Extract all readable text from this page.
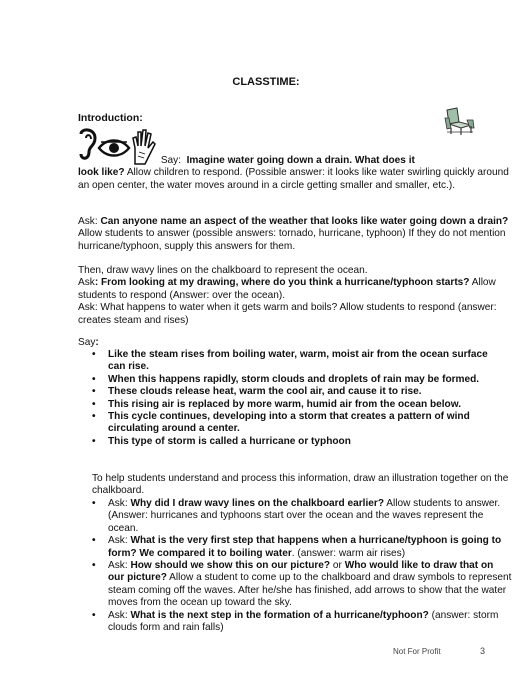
CLASSTIME:
Introduction:
Say: Imagine water going down a drain. What does it
look like? Allow children to respond. (Possible answer: it looks like water swirling quickly around an open center, the water moves around in a circle getting smaller and smaller, etc.).
Ask: Can anyone name an aspect of the weather that looks like water going down a drain? Allow students to answer (possible answers: tornado, hurricane, typhoon) If they do not mention hurricane/typhoon, supply this answers for them.
Then, draw wavy lines on the chalkboard to represent the ocean.
Ask: From looking at my drawing, where do you think a hurricane/typhoon starts? Allow students to respond (Answer: over the ocean).
Ask: What happens to water when it gets warm and boils? Allow students to respond (answer: creates steam and rises)
Say:
• Like the steam rises from boiling water, warm, moist air from the ocean surface can rise.
• When this happens rapidly, storm clouds and droplets of rain may be formed.
• These clouds release heat, warm the cool air, and cause it to rise.
• This rising air is replaced by more warm, humid air from the ocean below.
• This cycle continues, developing into a storm that creates a pattern of wind circulating around a center.
• This type of storm is called a hurricane or typhoon
To help students understand and process this information, draw an illustration together on the chalkboard.
• Ask: Why did I draw wavy lines on the chalkboard earlier? Allow students to answer. (Answer: hurricanes and typhoons start over the ocean and the waves represent the ocean.
• Ask: What is the very first step that happens when a hurricane/typhoon is going to form? We compared it to boiling water. (answer: warm air rises)
• Ask: How should we show this on our picture? or Who would like to draw that on our picture? Allow a student to come up to the chalkboard and draw symbols to represent steam coming off the waves. After he/she has finished, add arrows to show that the water moves from the ocean up toward the sky.
• Ask: What is the next step in the formation of a hurricane/typhoon? (answer: storm clouds form and rain falls)
Not For Profit	3
